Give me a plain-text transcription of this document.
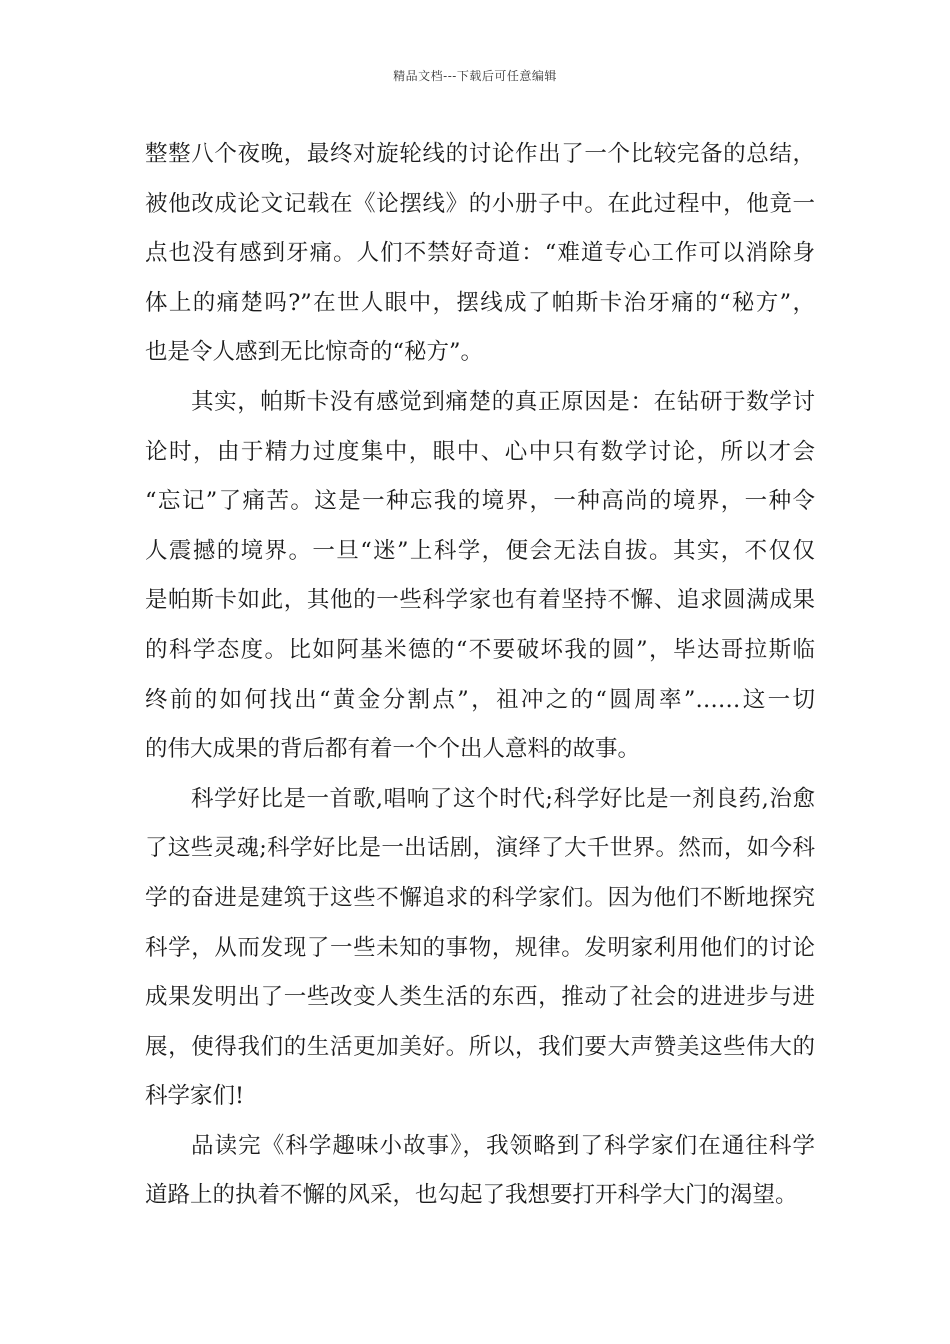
精品文档---下载后可任意编辑
整整八个夜晚，最终对旋轮线的讨论作出了一个比较完备的总结，
被他改成论文记载在《论摆线》的小册子中。在此过程中，他竟一
点也没有感到牙痛。人们不禁好奇道：“难道专心工作可以消除身
体上的痛楚吗?”在世人眼中，摆线成了帕斯卡治牙痛的“秘方”，
也是令人感到无比惊奇的“秘方”。
其实，帕斯卡没有感觉到痛楚的真正原因是：在钻研于数学讨
论时，由于精力过度集中，眼中、心中只有数学讨论，所以才会
“忘记”了痛苦。这是一种忘我的境界，一种高尚的境界，一种令
人震撼的境界。一旦“迷”上科学，便会无法自拔。其实，不仅仅
是帕斯卡如此，其他的一些科学家也有着坚持不懈、追求圆满成果
的科学态度。比如阿基米德的“不要破坏我的圆”，毕达哥拉斯临
终前的如何找出“黄金分割点”，祖冲之的“圆周率”……这一切
的伟大成果的背后都有着一个个出人意料的故事。
科学好比是一首歌,唱响了这个时代;科学好比是一剂良药,治愈
了这些灵魂;科学好比是一出话剧，演绎了大千世界。然而，如今科
学的奋进是建筑于这些不懈追求的科学家们。因为他们不断地探究
科学，从而发现了一些未知的事物，规律。发明家利用他们的讨论
成果发明出了一些改变人类生活的东西，推动了社会的进进步与进
展，使得我们的生活更加美好。所以，我们要大声赞美这些伟大的
科学家们!
品读完《科学趣味小故事》，我领略到了科学家们在通往科学
道路上的执着不懈的风采，也勾起了我想要打开科学大门的渴望。
